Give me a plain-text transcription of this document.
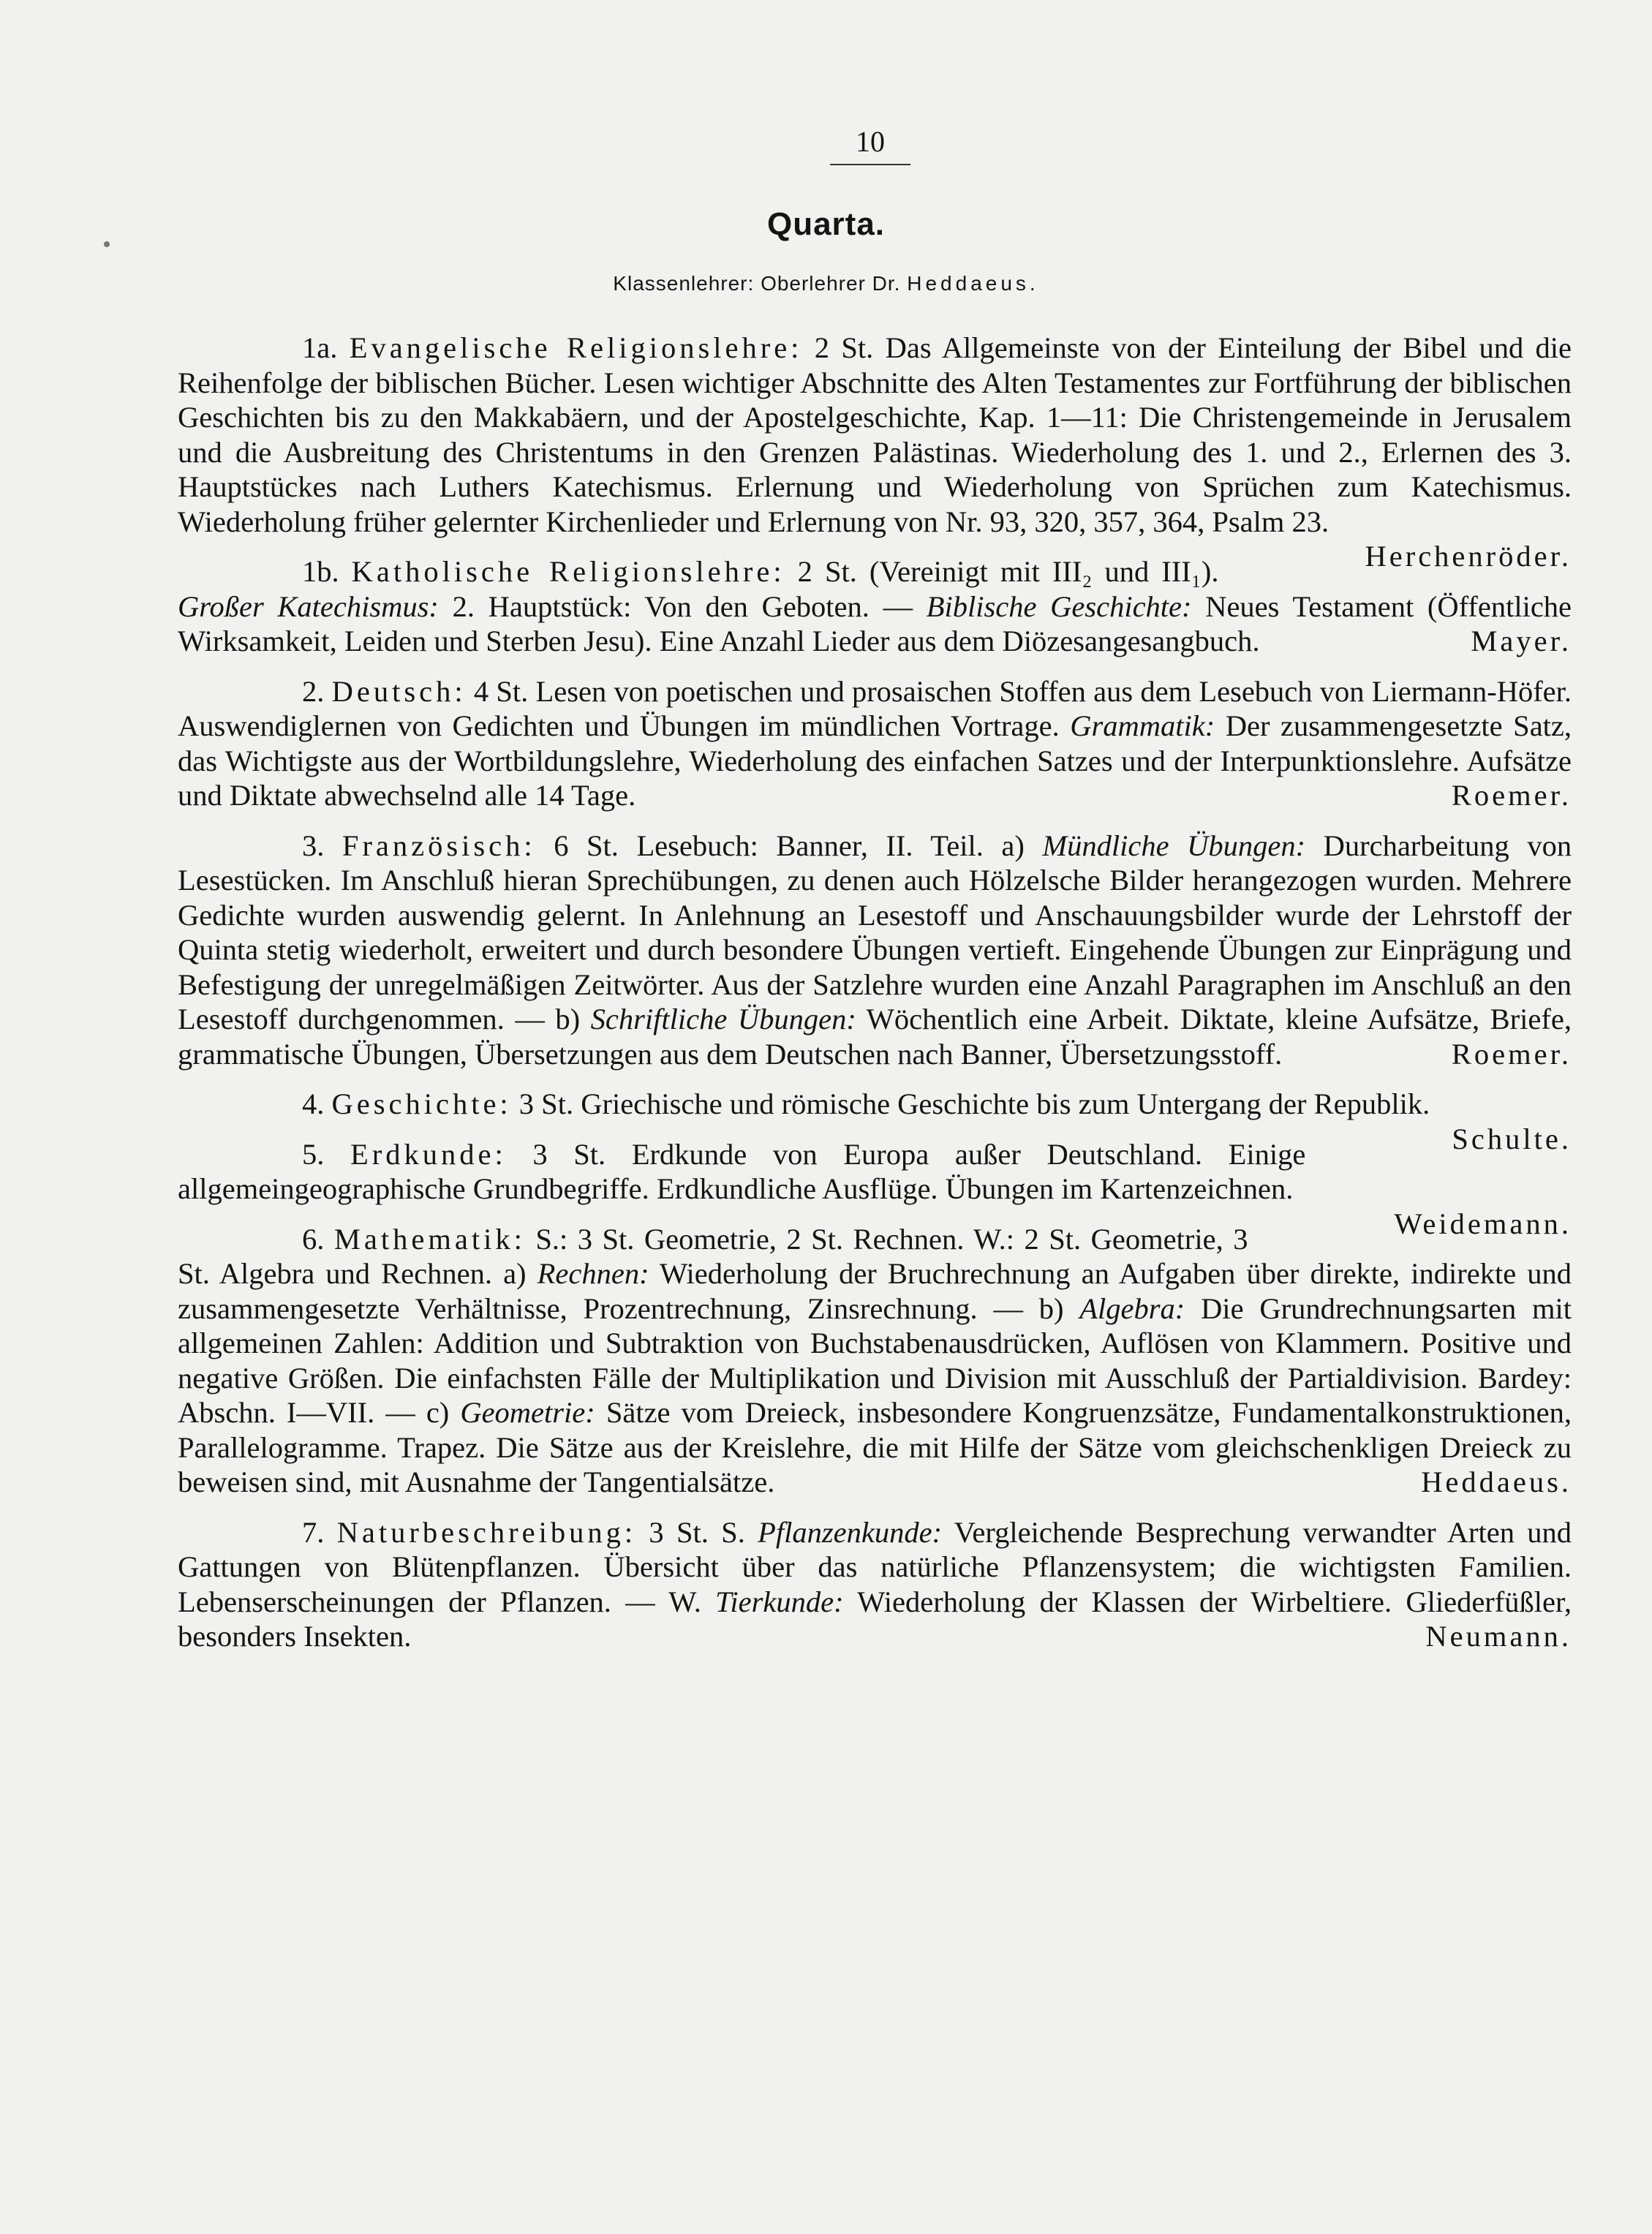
10
Quarta.
Klassenlehrer: Oberlehrer Dr. Heddaeus.

1a. Evangelische Religionslehre: 2 St. Das Allgemeinste von der Einteilung der Bibel und die Reihenfolge der biblischen Bücher. Lesen wichtiger Abschnitte des Alten Testamentes zur Fortführung der biblischen Geschichten bis zu den Makkabäern, und der Apostelgeschichte, Kap. 1—11: Die Christengemeinde in Jerusalem und die Ausbreitung des Christentums in den Grenzen Palästinas. Wiederholung des 1. und 2., Erlernen des 3. Hauptstückes nach Luthers Katechismus. Erlernung und Wiederholung von Sprüchen zum Katechismus. Wiederholung früher gelernter Kirchenlieder und Erlernung von Nr. 93, 320, 357, 364, Psalm 23.
Herchenröder.

1b. Katholische Religionslehre: 2 St. (Vereinigt mit III₂ und III₁). Großer Katechismus: 2. Hauptstück: Von den Geboten. — Biblische Geschichte: Neues Testament (Öffentliche Wirksamkeit, Leiden und Sterben Jesu). Eine Anzahl Lieder aus dem Diözesangesangbuch.	Mayer.

2. Deutsch: 4 St. Lesen von poetischen und prosaischen Stoffen aus dem Lesebuch von Liermann-Höfer. Auswendiglernen von Gedichten und Übungen im mündlichen Vortrage. Grammatik: Der zusammengesetzte Satz, das Wichtigste aus der Wortbildungslehre, Wiederholung des einfachen Satzes und der Interpunktionslehre. Aufsätze und Diktate abwechselnd alle 14 Tage.	Roemer.

3. Französisch: 6 St. Lesebuch: Banner, II. Teil. a) Mündliche Übungen: Durcharbeitung von Lesestücken. Im Anschluß hieran Sprechübungen, zu denen auch Hölzelsche Bilder herangezogen wurden. Mehrere Gedichte wurden auswendig gelernt. In Anlehnung an Lesestoff und Anschauungsbilder wurde der Lehrstoff der Quinta stetig wiederholt, erweitert und durch besondere Übungen vertieft. Eingehende Übungen zur Einprägung und Befestigung der unregelmäßigen Zeitwörter. Aus der Satzlehre wurden eine Anzahl Paragraphen im Anschluß an den Lesestoff durchgenommen. — b) Schriftliche Übungen: Wöchentlich eine Arbeit. Diktate, kleine Aufsätze, Briefe, grammatische Übungen, Übersetzungen aus dem Deutschen nach Banner, Übersetzungsstoff.	Roemer.

4. Geschichte: 3 St. Griechische und römische Geschichte bis zum Untergang der Republik.
Schulte.

5. Erdkunde: 3 St. Erdkunde von Europa außer Deutschland. Einige allgemeingeographische Grundbegriffe. Erdkundliche Ausflüge. Übungen im Kartenzeichnen.
Weidemann.

6. Mathematik: S.: 3 St. Geometrie, 2 St. Rechnen. W.: 2 St. Geometrie, 3 St. Algebra und Rechnen. a) Rechnen: Wiederholung der Bruchrechnung an Aufgaben über direkte, indirekte und zusammengesetzte Verhältnisse, Prozentrechnung, Zinsrechnung. — b) Algebra: Die Grundrechnungsarten mit allgemeinen Zahlen: Addition und Subtraktion von Buchstabenausdrücken, Auflösen von Klammern. Positive und negative Größen. Die einfachsten Fälle der Multiplikation und Division mit Ausschluß der Partialdivision. Bardey: Abschn. I—VII. — c) Geometrie: Sätze vom Dreieck, insbesondere Kongruenzsätze, Fundamentalkonstruktionen, Parallelogramme. Trapez. Die Sätze aus der Kreislehre, die mit Hilfe der Sätze vom gleichschenkligen Dreieck zu beweisen sind, mit Ausnahme der Tangentialsätze.	Heddaeus.

7. Naturbeschreibung: 3 St. S. Pflanzenkunde: Vergleichende Besprechung verwandter Arten und Gattungen von Blütenpflanzen. Übersicht über das natürliche Pflanzensystem; die wichtigsten Familien. Lebenserscheinungen der Pflanzen. — W. Tierkunde: Wiederholung der Klassen der Wirbeltiere. Gliederfüßler, besonders Insekten.	Neumann.
